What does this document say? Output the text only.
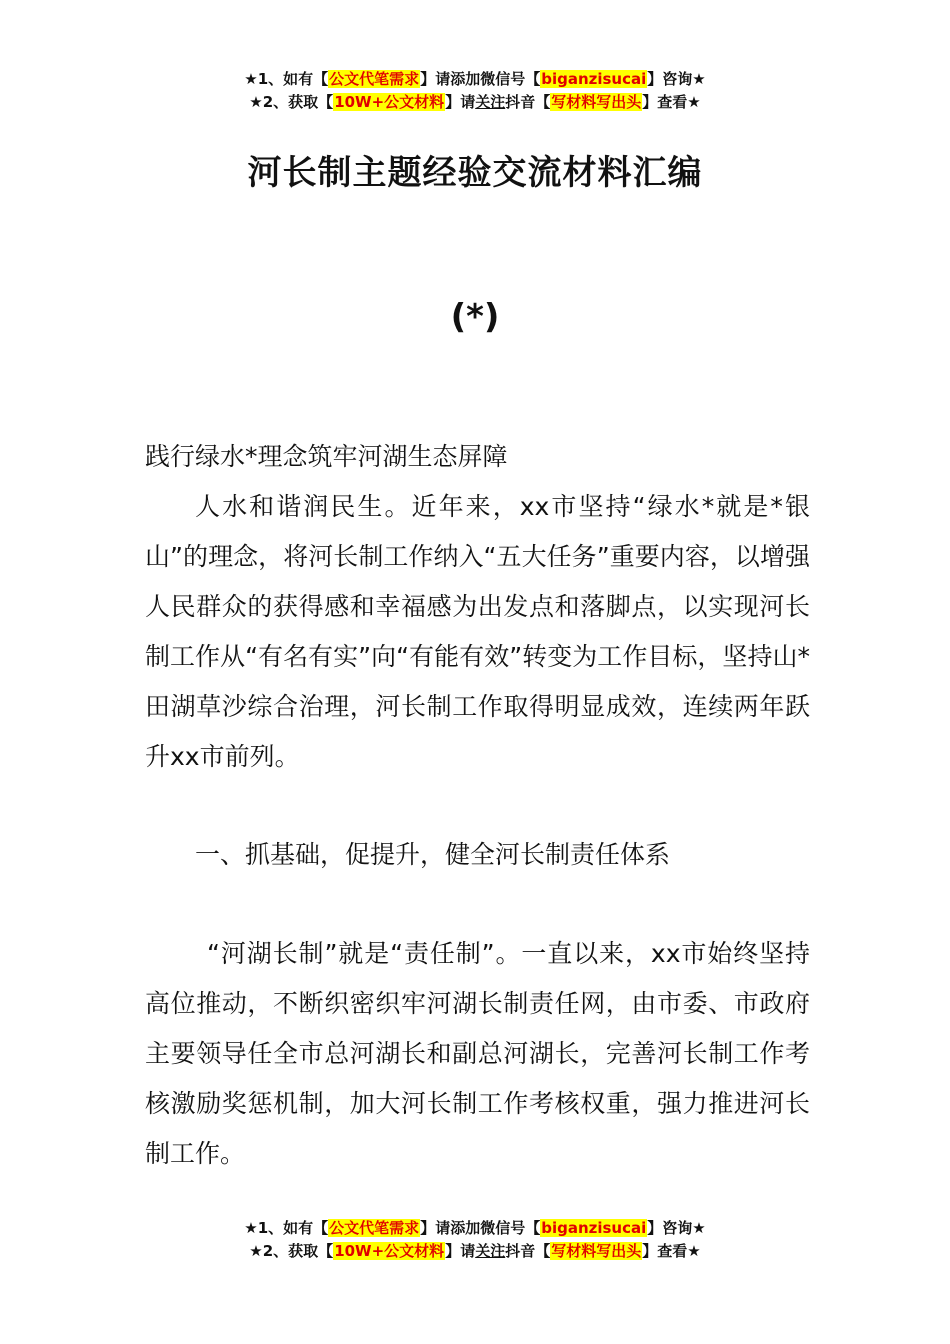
★1、如有【公文代笔需求】请添加微信号【biganzisucai】咨询★
★2、获取【10W+公文材料】请关注抖音【写材料写出头】查看★
河长制主题经验交流材料汇编
(*)
践行绿水*理念筑牢河湖生态屏障
人水和谐润民生。近年来，xx市坚持“绿水*就是*银山”的理念，将河长制工作纳入“五大任务”重要内容，以增强人民群众的获得感和幸福感为出发点和落脚点，以实现河长制工作从“有名有实”向“有能有效”转变为工作目标，坚持山*田湖草沙综合治理，河长制工作取得明显成效，连续两年跃升xx市前列。
一、抓基础，促提升，健全河长制责任体系
“河湖长制”就是“责任制”。一直以来，xx市始终坚持高位推动，不断织密织牢河湖长制责任网，由市委、市政府主要领导任全市总河湖长和副总河湖长，完善河长制工作考核激励奖惩机制，加大河长制工作考核权重，强力推进河长制工作。
★1、如有【公文代笔需求】请添加微信号【biganzisucai】咨询★
★2、获取【10W+公文材料】请关注抖音【写材料写出头】查看★
